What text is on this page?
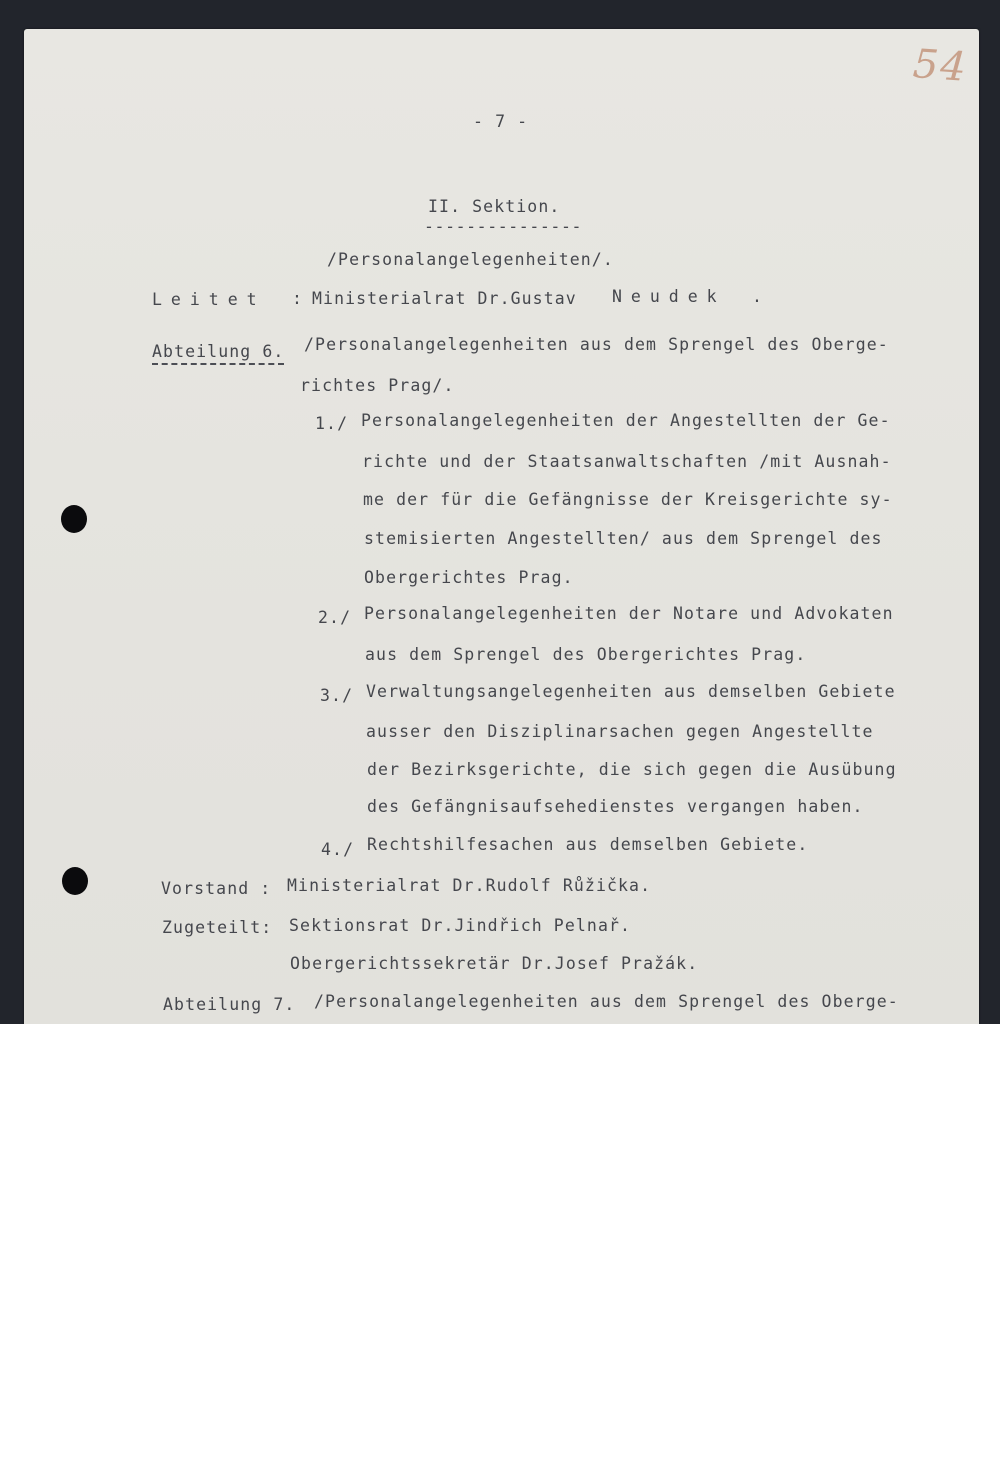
54
- 7 -
II. Sektion.
---------------
/Personalangelegenheiten/.
Leitet : Ministerialrat Dr.Gustav Neudek .
Abteilung 6. /Personalangelegenheiten aus dem Sprengel des Oberge-
richtes Prag/.
1./ Personalangelegenheiten der Angestellten der Ge-
richte und der Staatsanwaltschaften /mit Ausnah-
me der für die Gefängnisse der Kreisgerichte sy-
stemisierten Angestellten/ aus dem Sprengel des
Obergerichtes Prag.
2./ Personalangelegenheiten der Notare und Advokaten
aus dem Sprengel des Obergerichtes Prag.
3./ Verwaltungsangelegenheiten aus demselben Gebiete
ausser den Disziplinarsachen gegen Angestellte
der Bezirksgerichte, die sich gegen die Ausübung
des Gefängnisaufsehedienstes vergangen haben.
4./ Rechtshilfesachen aus demselben Gebiete.
Vorstand : Ministerialrat Dr.Rudolf Růžička.
Zugeteilt: Sektionsrat Dr.Jindřich Pelnař.
Obergerichtssekretär Dr.Josef Pražák.
Abteilung 7. /Personalangelegenheiten aus dem Sprengel des Oberge-
